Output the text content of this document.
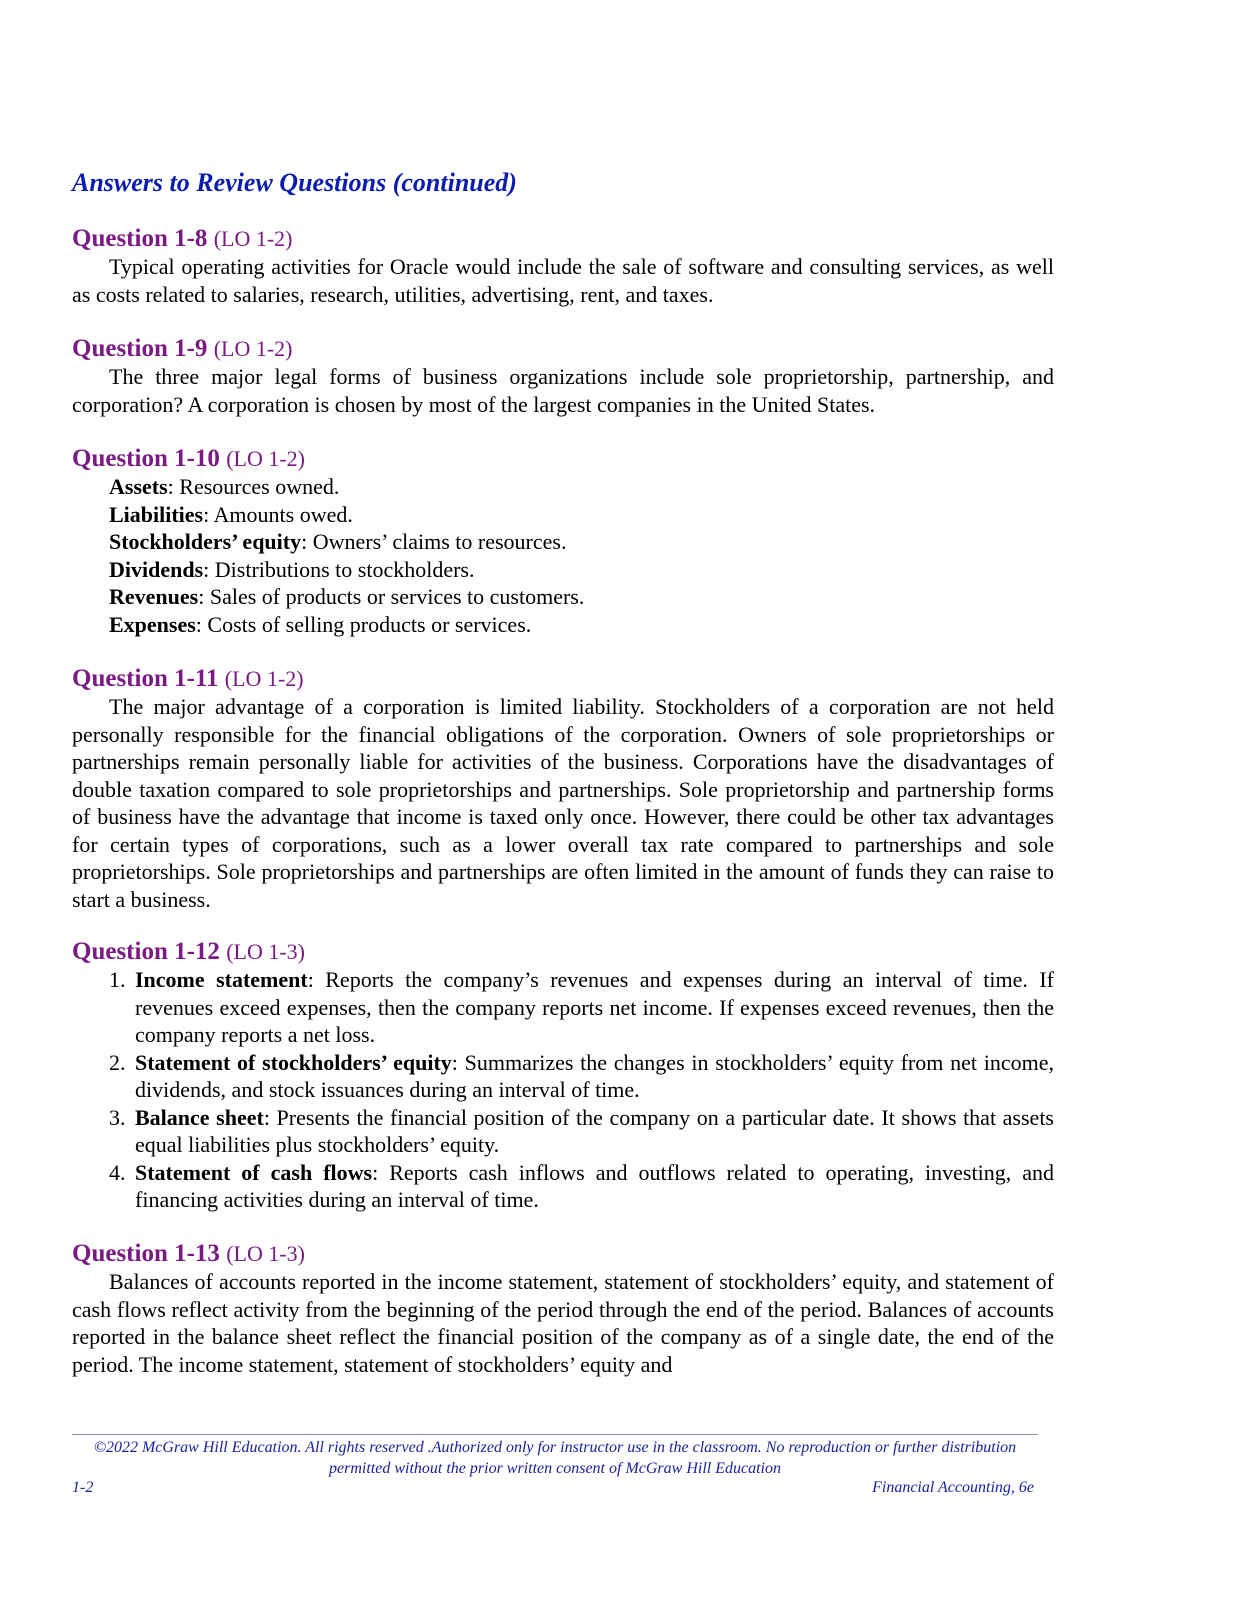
Answers to Review Questions (continued)

Question 1-8 (LO 1-2)

Typical operating activities for Oracle would include the sale of software and consulting services, as well as costs related to salaries, research, utilities, advertising, rent, and taxes.

Question 1-9 (LO 1-2)

The three major legal forms of business organizations include sole proprietorship, partnership, and corporation? A corporation is chosen by most of the largest companies in the United States.

Question 1-10 (LO 1-2)

Assets: Resources owned.
Liabilities: Amounts owed.
Stockholders’ equity: Owners’ claims to resources.
Dividends: Distributions to stockholders.
Revenues: Sales of products or services to customers.
Expenses: Costs of selling products or services.

Question 1-11 (LO 1-2)

The major advantage of a corporation is limited liability. Stockholders of a corporation are not held personally responsible for the financial obligations of the corporation. Owners of sole proprietorships or partnerships remain personally liable for activities of the business. Corporations have the disadvantages of double taxation compared to sole proprietorships and partnerships. Sole proprietorship and partnership forms of business have the advantage that income is taxed only once. However, there could be other tax advantages for certain types of corporations, such as a lower overall tax rate compared to partnerships and sole proprietorships. Sole proprietorships and partnerships are often limited in the amount of funds they can raise to start a business.

Question 1-12 (LO 1-3)

1. Income statement: Reports the company’s revenues and expenses during an interval of time. If revenues exceed expenses, then the company reports net income. If expenses exceed revenues, then the company reports a net loss.
2. Statement of stockholders’ equity: Summarizes the changes in stockholders’ equity from net income, dividends, and stock issuances during an interval of time.
3. Balance sheet: Presents the financial position of the company on a particular date. It shows that assets equal liabilities plus stockholders’ equity.
4. Statement of cash flows: Reports cash inflows and outflows related to operating, investing, and financing activities during an interval of time.

Question 1-13 (LO 1-3)

Balances of accounts reported in the income statement, statement of stockholders’ equity, and statement of cash flows reflect activity from the beginning of the period through the end of the period. Balances of accounts reported in the balance sheet reflect the financial position of the company as of a single date, the end of the period. The income statement, statement of stockholders’ equity and

©2022 McGraw Hill Education. All rights reserved .Authorized only for instructor use in the classroom. No reproduction or further distribution permitted without the prior written consent of McGraw Hill Education
1-2	Financial Accounting, 6e
